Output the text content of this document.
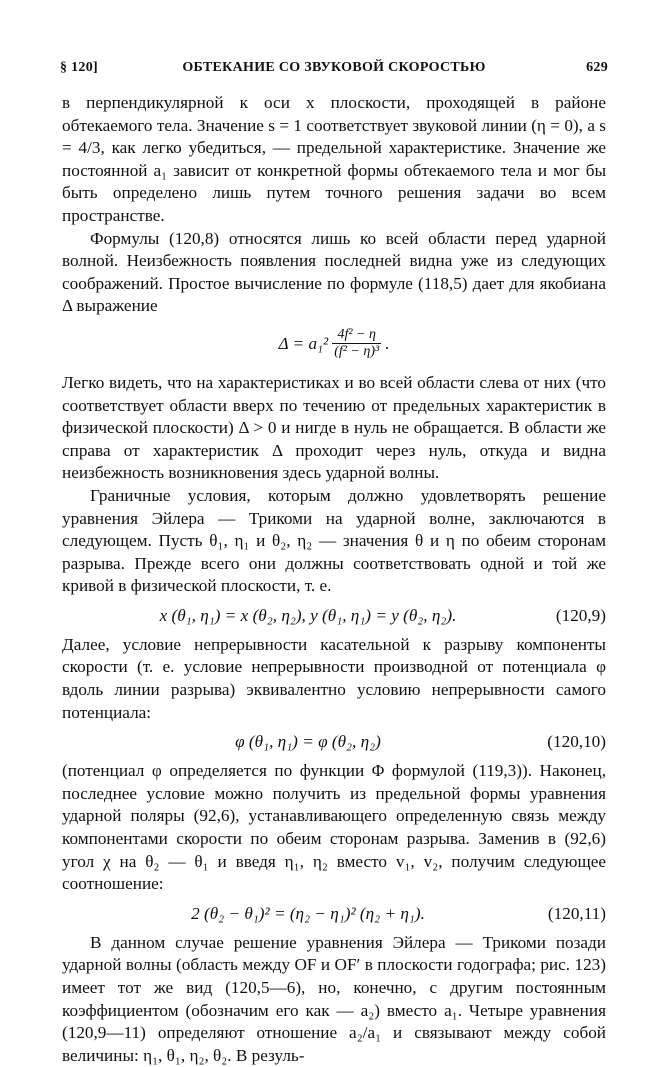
§ 120]	ОБТЕКАНИЕ СО ЗВУКОВОЙ СКОРОСТЬЮ	629

в перпендикулярной к оси x плоскости, проходящей в районе обтекаемого тела. Значение s = 1 соответствует звуковой линии (η = 0), а s = 4/3, как легко убедиться, — предельной характеристике. Значение же постоянной a₁ зависит от конкретной формы обтекаемого тела и мог бы быть определено лишь путем точного решения задачи во всем пространстве.

Формулы (120,8) относятся лишь ко всей области перед ударной волной. Неизбежность появления последней видна уже из следующих соображений. Простое вычисление по формуле (118,5) дает для якобиана Δ выражение

$\Delta = a_1^2 \frac{\text{4f² − η}}{\text{(f² − η)³}}$ .

Легко видеть, что на характеристиках и во всей области слева от них (что соответствует области вверх по течению от предельных характеристик в физической плоскости) Δ > 0 и нигде в нуль не обращается. В области же справа от характеристик Δ проходит через нуль, откуда и видна неизбежность возникновения здесь ударной волны.

Граничные условия, которым должно удовлетворять решение уравнения Эйлера — Трикоми на ударной волне, заключаются в следующем. Пусть θ₁, η₁ и θ₂, η₂ — значения θ и η по обеим сторонам разрыва. Прежде всего они должны соответствовать одной и той же кривой в физической плоскости, т. е.

x (θ₁, η₁) = x (θ₂, η₂), y (θ₁, η₁) = y (θ₂, η₂).	(120,9)

Далее, условие непрерывности касательной к разрыву компоненты скорости (т. е. условие непрерывности производной от потенциала φ вдоль линии разрыва) эквивалентно условию непрерывности самого потенциала:

φ (θ₁, η₁) = φ (θ₂, η₂)	(120,10)

(потенциал φ определяется по функции Φ формулой (119,3)). Наконец, последнее условие можно получить из предельной формы уравнения ударной поляры (92,6), устанавливающего определенную связь между компонентами скорости по обеим сторонам разрыва. Заменив в (92,6) угол χ на θ₂ — θ₁ и введя η₁, η₂ вместо v₁, v₂, получим следующее соотношение:

2 (θ₂ − θ₁)² = (η₂ − η₁)² (η₂ + η₁).	(120,11)

В данном случае решение уравнения Эйлера — Трикоми позади ударной волны (область между OF и OF′ в плоскости годографа; рис. 123) имеет тот же вид (120,5—6), но, конечно, с другим постоянным коэффициентом (обозначим его как — a₂) вместо a₁. Четыре уравнения (120,9—11) определяют отношение a₂/a₁ и связывают между собой величины: η₁, θ₁, η₂, θ₂. В резуль-
